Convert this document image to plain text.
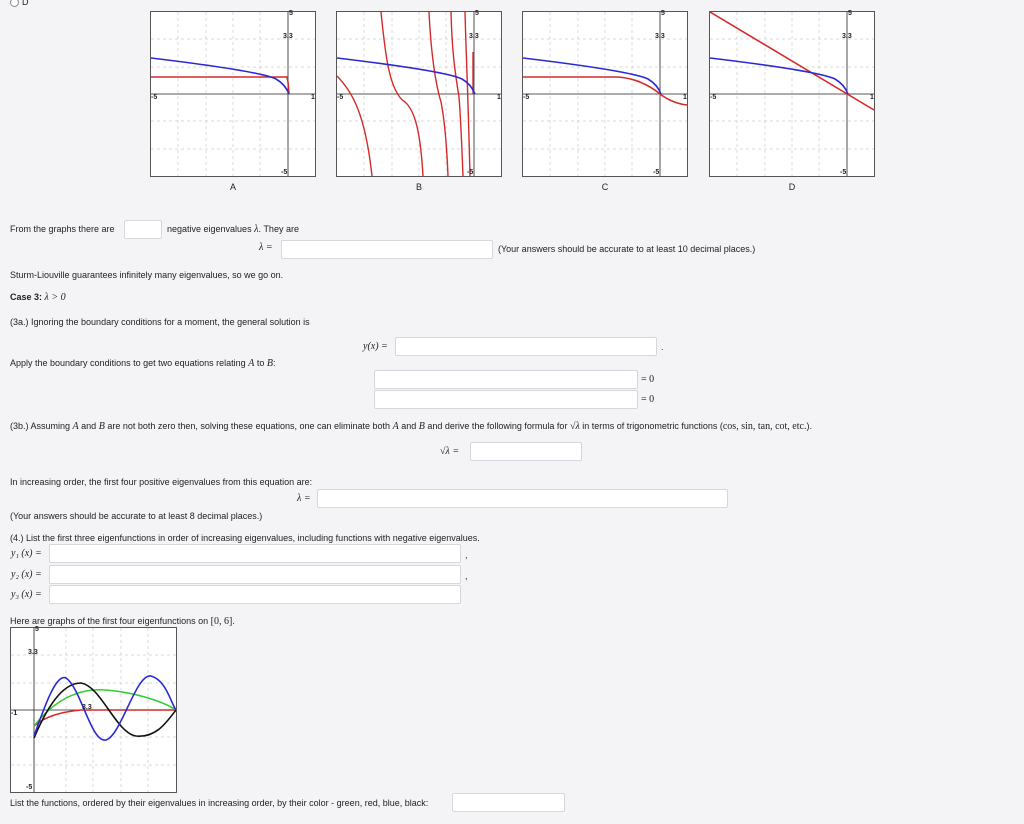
D
5
3.3
-5	1
-5
A
5
3.3
-5	1
-5
B
5
3.3
-5	1
-5
C
5
3.3
-5	1
-5
D
From the graphs there are	negative eigenvalues λ. They are
λ =	(Your answers should be accurate to at least 10 decimal places.)
Sturm-Liouville guarantees infinitely many eigenvalues, so we go on.
Case 3: λ > 0
(3a.) Ignoring the boundary conditions for a moment, the general solution is
y(x) =	.
Apply the boundary conditions to get two equations relating A to B:
= 0
= 0
(3b.) Assuming A and B are not both zero then, solving these equations, one can eliminate both A and B and derive the following formula for √λ in terms of trigonometric functions (cos, sin, tan, cot, etc.).
√λ =
In increasing order, the first four positive eigenvalues from this equation are:
λ =
(Your answers should be accurate to at least 8 decimal places.)
(4.) List the first three eigenfunctions in order of increasing eigenvalues, including functions with negative eigenvalues.
y₁ (x) =	,
y₂ (x) =	,
y₃ (x) =
Here are graphs of the first four eigenfunctions on [0, 6].
5
3.3
3.3
-1
-5
List the functions, ordered by their eigenvalues in increasing order, by their color - green, red, blue, black:
